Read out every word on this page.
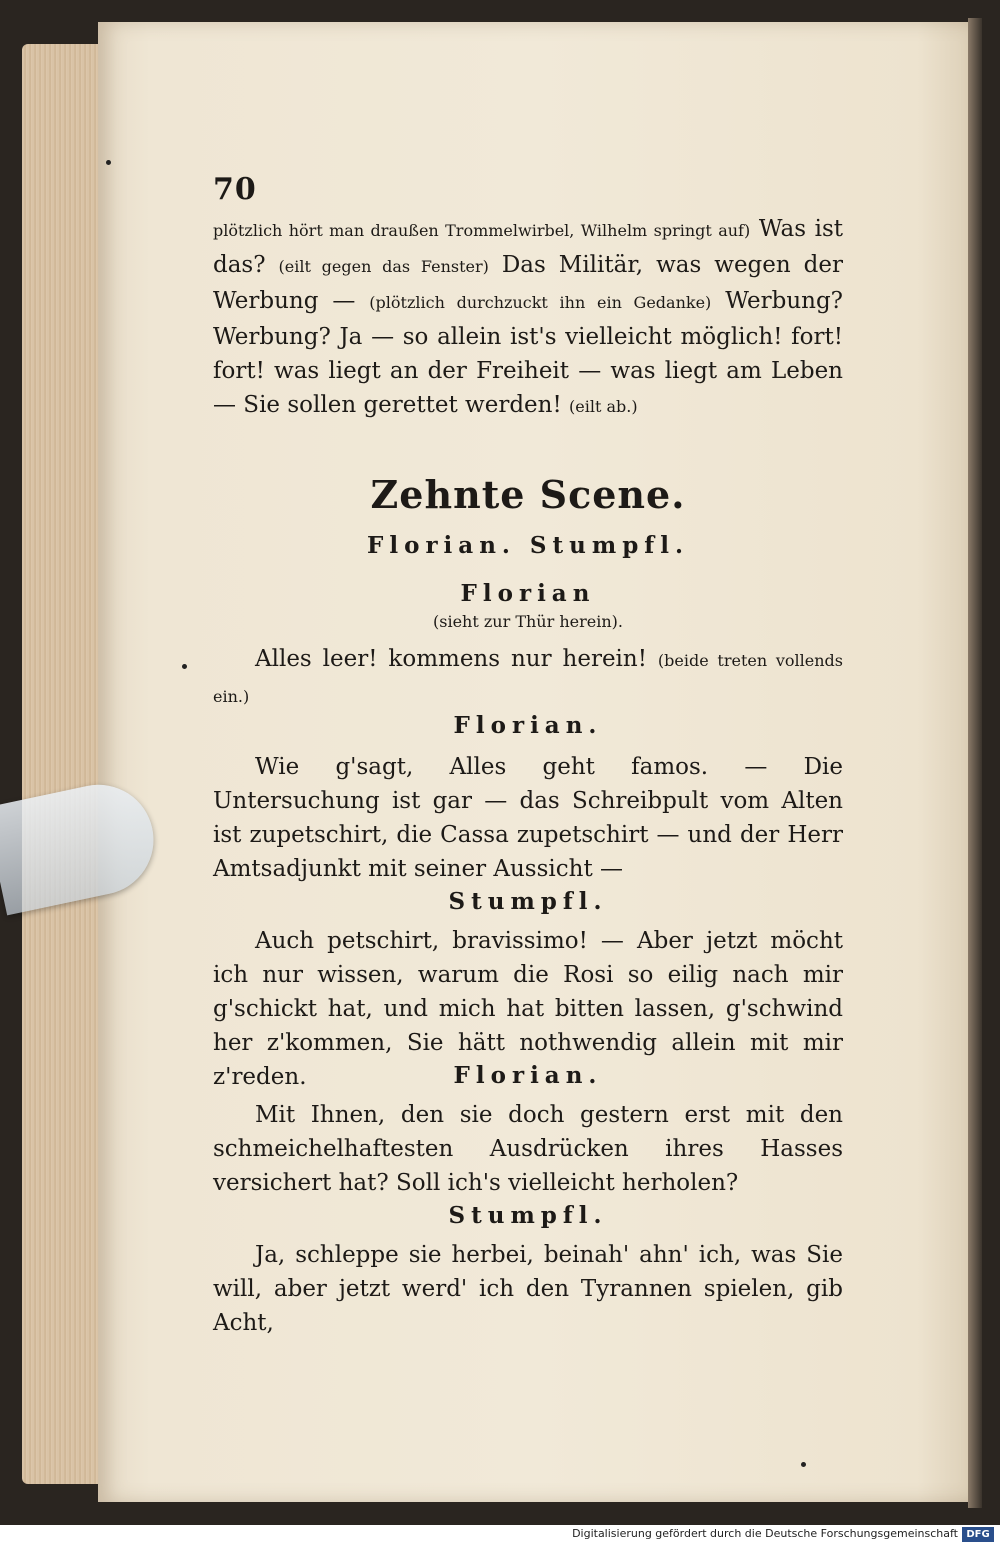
70

plötzlich hört man draußen Trommelwirbel, Wilhelm springt auf) Was ist das? (eilt gegen das Fenster) Das Militär, was wegen der Werbung — (plötzlich durchzuckt ihn ein Gedanke) Werbung? Werbung? Ja — so allein ist's vielleicht möglich! fort! fort! was liegt an der Freiheit — was liegt am Leben — Sie sollen gerettet werden! (eilt ab.)

Zehnte Scene.
Florian. Stumpfl.
Florian
(sieht zur Thür herein).

Alles leer! kommens nur herein! (beide treten vollends ein.)

Florian.

Wie g'sagt, Alles geht famos. — Die Untersuchung ist gar — das Schreibpult vom Alten ist zupetschirt, die Cassa zupetschirt — und der Herr Amtsadjunkt mit seiner Aussicht —

Stumpfl.

Auch petschirt, bravissimo! — Aber jetzt möcht ich nur wissen, warum die Rosi so eilig nach mir g'schickt hat, und mich hat bitten lassen, g'schwind her z'kommen, Sie hätt nothwendig allein mit mir z'reden.	Florian.

Mit Ihnen, den sie doch gestern erst mit den schmeichelhaftesten Ausdrücken ihres Hasses versichert hat? Soll ich's vielleicht herholen?

Stumpfl.

Ja, schleppe sie herbei, beinah' ahn' ich, was Sie will, aber jetzt werd' ich den Tyrannen spielen, gib Acht,

Digitalisierung gefördert durch die Deutsche Forschungsgemeinschaft DFG
